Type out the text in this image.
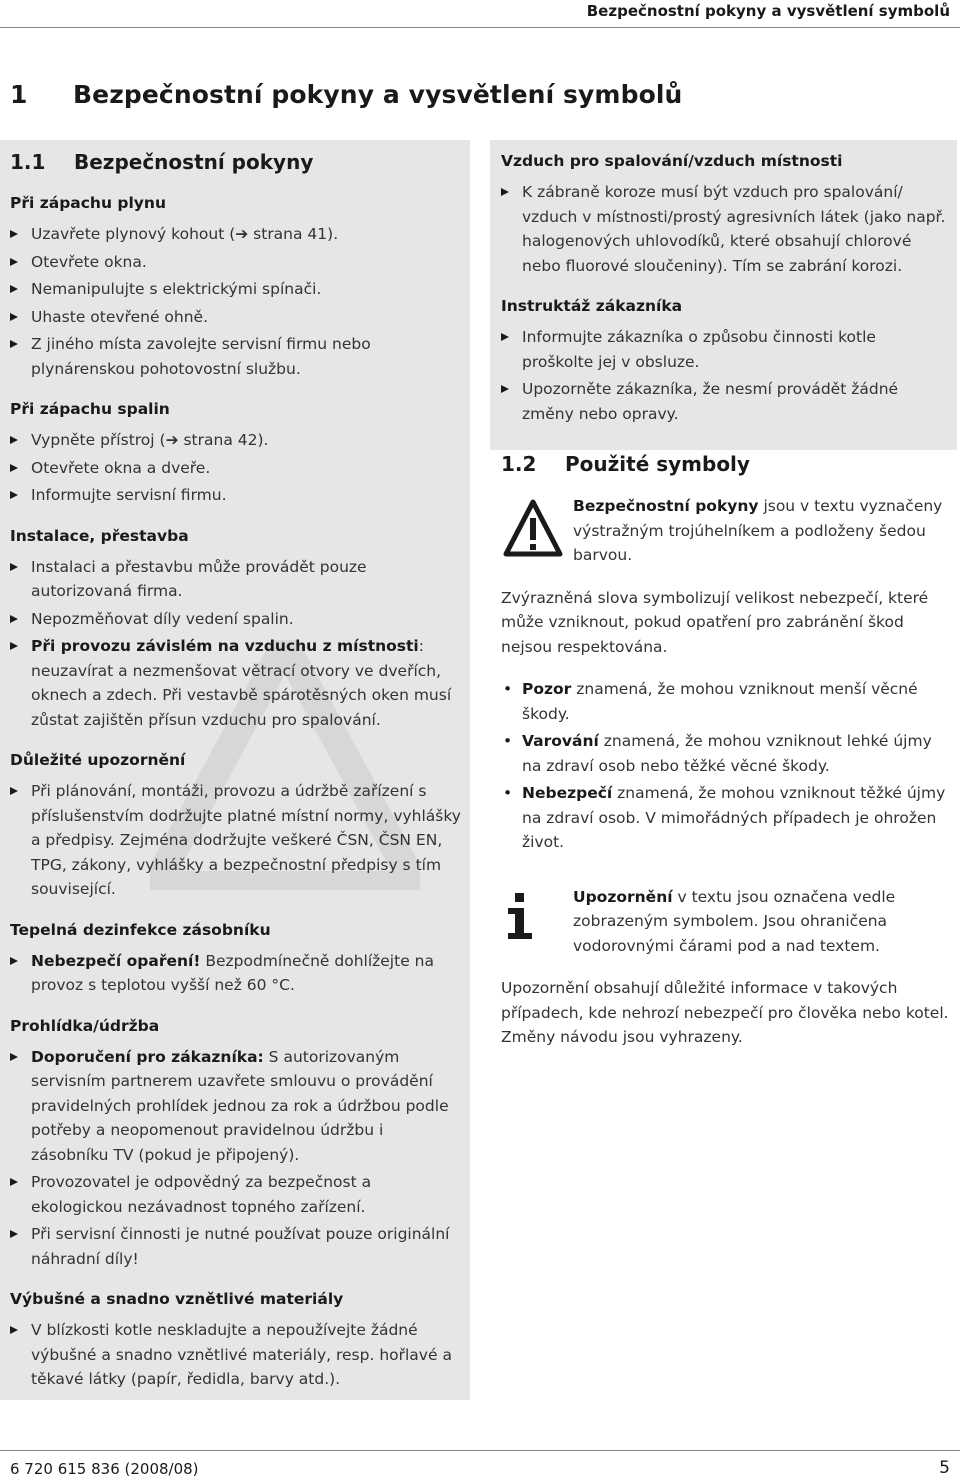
Bezpečnostní pokyny a vysvětlení symbolů
1 Bezpečnostní pokyny a vysvětlení symbolů
1.1 Bezpečnostní pokyny
Při zápachu plynu
Uzavřete plynový kohout (➔ strana 41).
Otevřete okna.
Nemanipulujte s elektrickými spínači.
Uhaste otevřené ohně.
Z jiného místa zavolejte servisní firmu nebo plynárenskou pohotovostní službu.
Při zápachu spalin
Vypněte přístroj (➔ strana 42).
Otevřete okna a dveře.
Informujte servisní firmu.
Instalace, přestavba
Instalaci a přestavbu může provádět pouze autorizovaná firma.
Nepozměňovat díly vedení spalin.
Při provozu závislém na vzduchu z místnosti: neuzavírat a nezmenšovat větrací otvory ve dveřích, oknech a zdech. Při vestavbě spárotěsných oken musí zůstat zajištěn přísun vzduchu pro spalování.
Důležité upozornění
Při plánování, montáži, provozu a údržbě zařízení s příslušenstvím dodržujte platné místní normy, vyhlášky a předpisy. Zejména dodržujte veškeré ČSN, ČSN EN, TPG, zákony, vyhlášky a bezpečnostní předpisy s tím související.
Tepelná dezinfekce zásobníku
Nebezpečí opaření! Bezpodmínečně dohlížejte na provoz s teplotou vyšší než 60 °C.
Prohlídka/údržba
Doporučení pro zákazníka: S autorizovaným servisním partnerem uzavřete smlouvu o provádění pravidelných prohlídek jednou za rok a údržbou podle potřeby a neopomenout pravidelnou údržbu i zásobníku TV (pokud je připojený).
Provozovatel je odpovědný za bezpečnost a ekologickou nezávadnost topného zařízení.
Při servisní činnosti je nutné používat pouze originální náhradní díly!
Výbušné a snadno vznětlivé materiály
V blízkosti kotle neskladujte a nepoužívejte žádné výbušné a snadno vznětlivé materiály, resp. hořlavé a těkavé látky (papír, ředidla, barvy atd.).
Vzduch pro spalování/vzduch místnosti
K zábraně koroze musí být vzduch pro spalování/ vzduch v místnosti/prostý agresivních látek (jako např. halogenových uhlovodíků, které obsahují chlorové nebo fluorové sloučeniny). Tím se zabrání korozi.
Instruktáž zákazníka
Informujte zákazníka o způsobu činnosti kotle proškolte jej v obsluze.
Upozorněte zákazníka, že nesmí provádět žádné změny nebo opravy.
1.2 Použité symboly
Bezpečnostní pokyny jsou v textu vyznačeny výstražným trojúhelníkem a podloženy šedou barvou.
Zvýrazněná slova symbolizují velikost nebezpečí, které může vzniknout, pokud opatření pro zabránění škod nejsou respektována.
• Pozor znamená, že mohou vzniknout menší věcné škody.
• Varování znamená, že mohou vzniknout lehké újmy na zdraví osob nebo těžké věcné škody.
• Nebezpečí znamená, že mohou vzniknout těžké újmy na zdraví osob. V mimořádných případech je ohrožen život.
Upozornění v textu jsou označena vedle zobrazeným symbolem. Jsou ohraničena vodorovnými čárami pod a nad textem.
Upozornění obsahují důležité informace v takových případech, kde nehrozí nebezpečí pro člověka nebo kotel. Změny návodu jsou vyhrazeny.
6 720 615 836 (2008/08)	5
